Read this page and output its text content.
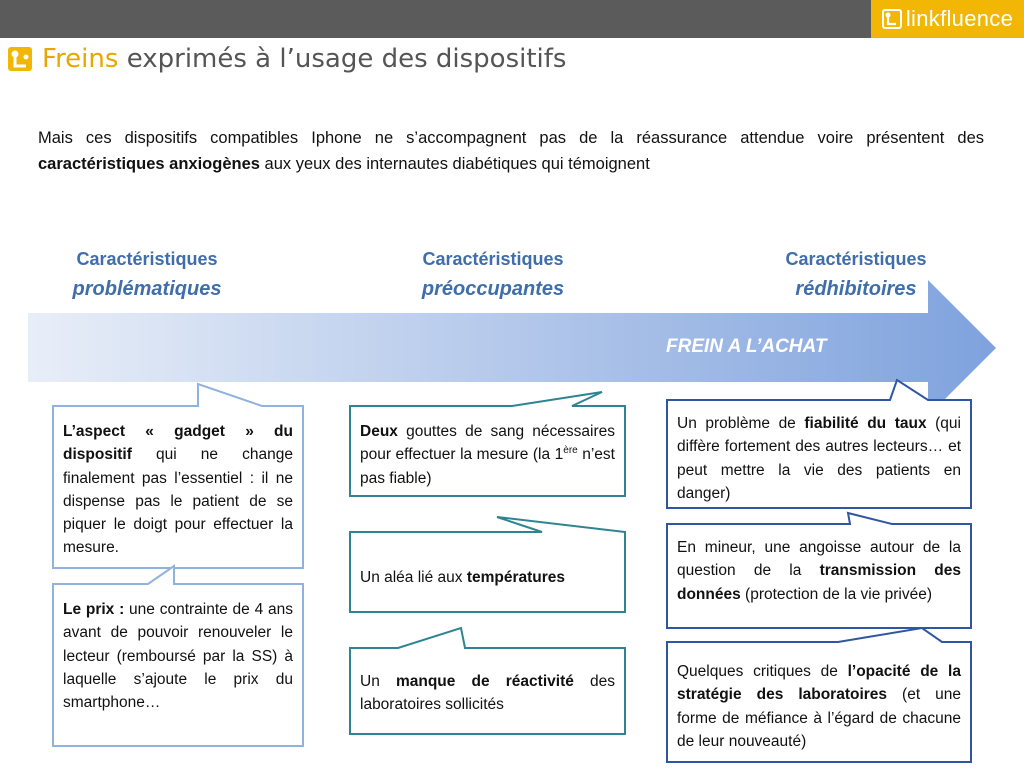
linkfluence
Freins exprimés à l’usage des dispositifs
Mais ces dispositifs compatibles Iphone ne s’accompagnent pas de la réassurance attendue voire présentent des caractéristiques anxiogènes aux yeux des internautes diabétiques qui témoignent
Caractéristiques
problématiques
Caractéristiques
préoccupantes
Caractéristiques
rédhibitoires
FREIN A L’ACHAT
L’aspect « gadget » du dispositif qui ne change finalement pas l’essentiel : il ne dispense pas le patient de se piquer le doigt pour effectuer la mesure.
Le prix : une contrainte de 4 ans avant de pouvoir renouveler le lecteur (remboursé par la SS) à laquelle s’ajoute le prix du smartphone…
Deux gouttes de sang nécessaires pour effectuer la mesure (la 1ère n’est pas fiable)
Un aléa lié aux températures
Un manque de réactivité des laboratoires sollicités
Un problème de fiabilité du taux (qui diffère fortement des autres lecteurs… et peut mettre la vie des patients en danger)
En mineur, une angoisse autour de la question de la transmission des données (protection de la vie privée)
Quelques critiques de l’opacité de la stratégie des laboratoires (et une forme de méfiance à l’égard de chacune de leur nouveauté)
